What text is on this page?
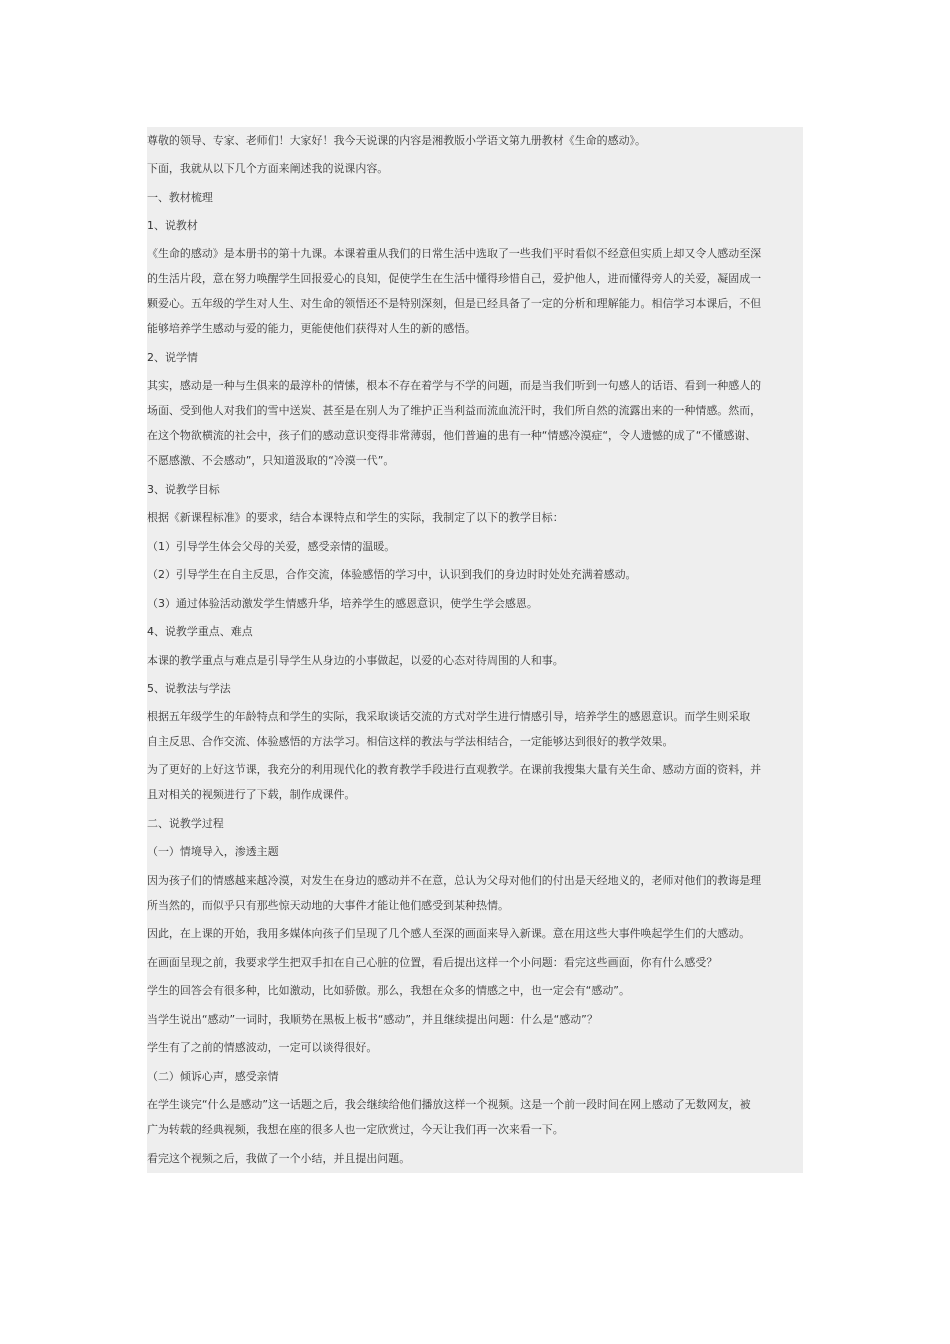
尊敬的领导、专家、老师们！大家好！我今天说课的内容是湘教版小学语文第九册教材《生命的感动》。
下面，我就从以下几个方面来阐述我的说课内容。
一、教材梳理
1、说教材
《生命的感动》是本册书的第十九课。本课着重从我们的日常生活中选取了一些我们平时看似不经意但实质上却又令人感动至深
的生活片段，意在努力唤醒学生回报爱心的良知，促使学生在生活中懂得珍惜自己，爱护他人，进而懂得旁人的关爱，凝固成一
颗爱心。五年级的学生对人生、对生命的领悟还不是特别深刻，但是已经具备了一定的分析和理解能力。相信学习本课后，不但
能够培养学生感动与爱的能力，更能使他们获得对人生的新的感悟。
2、说学情
其实，感动是一种与生俱来的最淳朴的情愫，根本不存在着学与不学的问题，而是当我们听到一句感人的话语、看到一种感人的
场面、受到他人对我们的雪中送炭、甚至是在别人为了维护正当利益而流血流汗时，我们所自然的流露出来的一种情感。然而，
在这个物欲横流的社会中，孩子们的感动意识变得非常薄弱，他们普遍的患有一种“情感冷漠症“，令人遗憾的成了“不懂感谢、
不愿感激、不会感动”，只知道汲取的“冷漠一代”。
3、说教学目标
根据《新课程标准》的要求，结合本课特点和学生的实际，我制定了以下的教学目标：
（1）引导学生体会父母的关爱，感受亲情的温暖。
（2）引导学生在自主反思，合作交流，体验感悟的学习中，认识到我们的身边时时处处充满着感动。
（3）通过体验活动激发学生情感升华，培养学生的感恩意识，使学生学会感恩。
4、说教学重点、难点
本课的教学重点与难点是引导学生从身边的小事做起，以爱的心态对待周围的人和事。
5、说教法与学法
根据五年级学生的年龄特点和学生的实际，我采取谈话交流的方式对学生进行情感引导，培养学生的感恩意识。而学生则采取
自主反思、合作交流、体验感悟的方法学习。相信这样的教法与学法相结合，一定能够达到很好的教学效果。
为了更好的上好这节课，我充分的利用现代化的教育教学手段进行直观教学。在课前我搜集大量有关生命、感动方面的资料，并
且对相关的视频进行了下载，制作成课件。
二、说教学过程
（一）情境导入，渗透主题
因为孩子们的情感越来越冷漠，对发生在身边的感动并不在意，总认为父母对他们的付出是天经地义的，老师对他们的教诲是理
所当然的，而似乎只有那些惊天动地的大事件才能让他们感受到某种热情。
因此，在上课的开始，我用多媒体向孩子们呈现了几个感人至深的画面来导入新课。意在用这些大事件唤起学生们的大感动。
在画面呈现之前，我要求学生把双手扣在自己心脏的位置，看后提出这样一个小问题：看完这些画面，你有什么感受？
学生的回答会有很多种，比如激动，比如骄傲。那么，我想在众多的情感之中，也一定会有“感动”。
当学生说出“感动”一词时，我顺势在黑板上板书“感动”，并且继续提出问题：什么是“感动”？
学生有了之前的情感波动，一定可以谈得很好。
（二）倾诉心声，感受亲情
在学生谈完“什么是感动”这一话题之后，我会继续给他们播放这样一个视频。这是一个前一段时间在网上感动了无数网友，被
广为转载的经典视频，我想在座的很多人也一定欣赏过，今天让我们再一次来看一下。
看完这个视频之后，我做了一个小结，并且提出问题。
